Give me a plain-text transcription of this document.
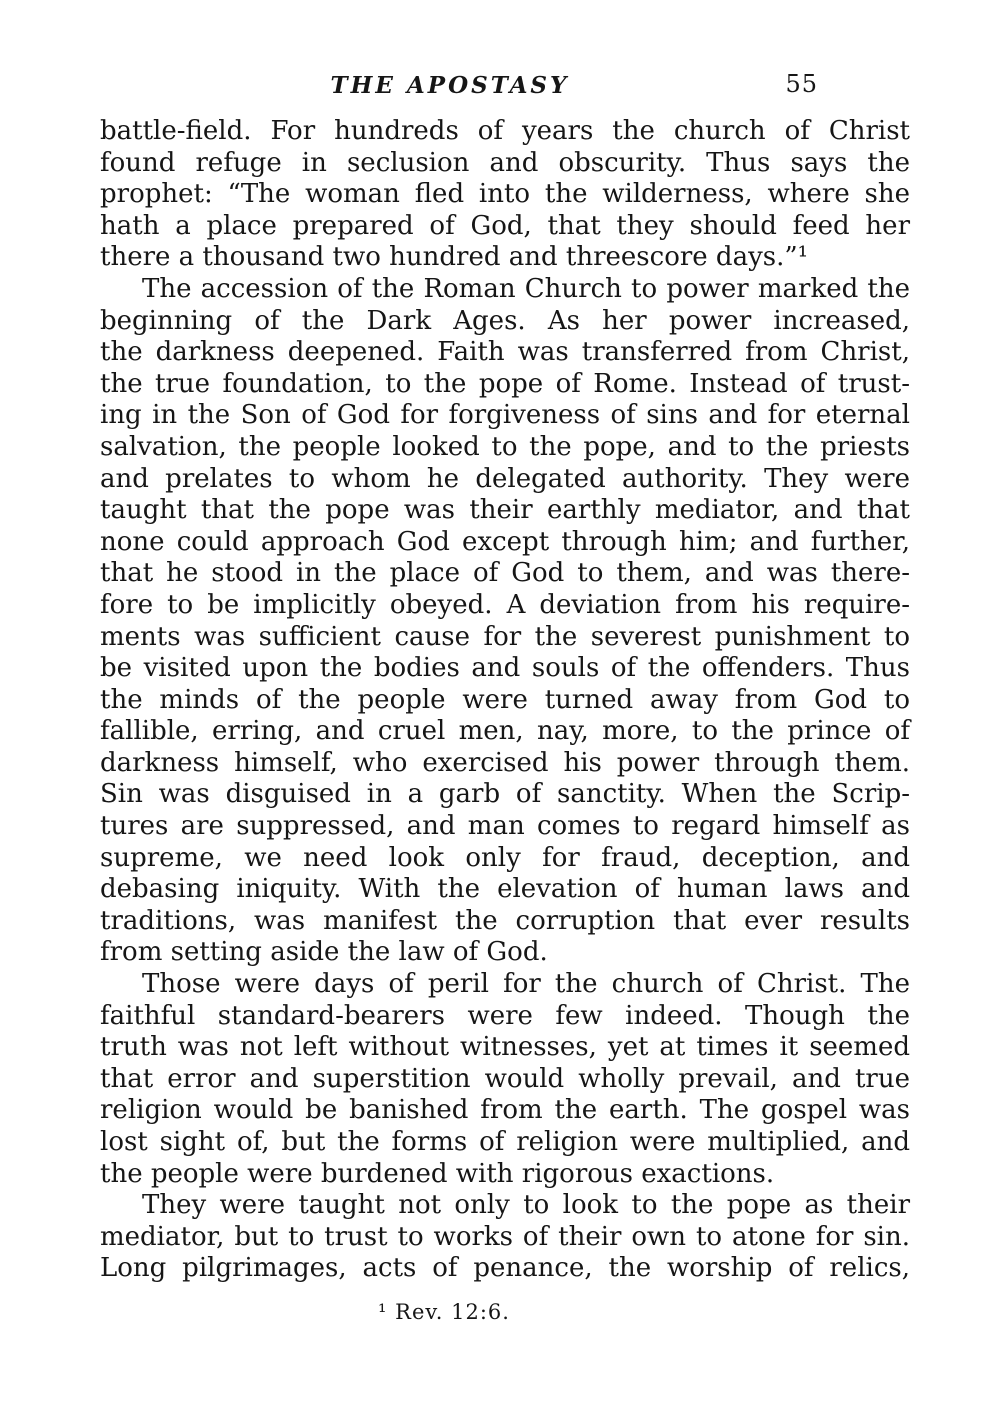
THE APOSTASY	55
battle-field. For hundreds of years the church of Christ
found refuge in seclusion and obscurity. Thus says the
prophet: “The woman fled into the wilderness, where she
hath a place prepared of God, that they should feed her
there a thousand two hundred and threescore days.”¹
The accession of the Roman Church to power marked the
beginning of the Dark Ages. As her power increased,
the darkness deepened. Faith was transferred from Christ,
the true foundation, to the pope of Rome. Instead of trust-
ing in the Son of God for forgiveness of sins and for eternal
salvation, the people looked to the pope, and to the priests
and prelates to whom he delegated authority. They were
taught that the pope was their earthly mediator, and that
none could approach God except through him; and further,
that he stood in the place of God to them, and was there-
fore to be implicitly obeyed. A deviation from his require-
ments was sufficient cause for the severest punishment to
be visited upon the bodies and souls of the offenders. Thus
the minds of the people were turned away from God to
fallible, erring, and cruel men, nay, more, to the prince of
darkness himself, who exercised his power through them.
Sin was disguised in a garb of sanctity. When the Scrip-
tures are suppressed, and man comes to regard himself as
supreme, we need look only for fraud, deception, and
debasing iniquity. With the elevation of human laws and
traditions, was manifest the corruption that ever results
from setting aside the law of God.
Those were days of peril for the church of Christ. The
faithful standard-bearers were few indeed. Though the
truth was not left without witnesses, yet at times it seemed
that error and superstition would wholly prevail, and true
religion would be banished from the earth. The gospel was
lost sight of, but the forms of religion were multiplied, and
the people were burdened with rigorous exactions.
They were taught not only to look to the pope as their
mediator, but to trust to works of their own to atone for sin.
Long pilgrimages, acts of penance, the worship of relics,
¹ Rev. 12:6.
